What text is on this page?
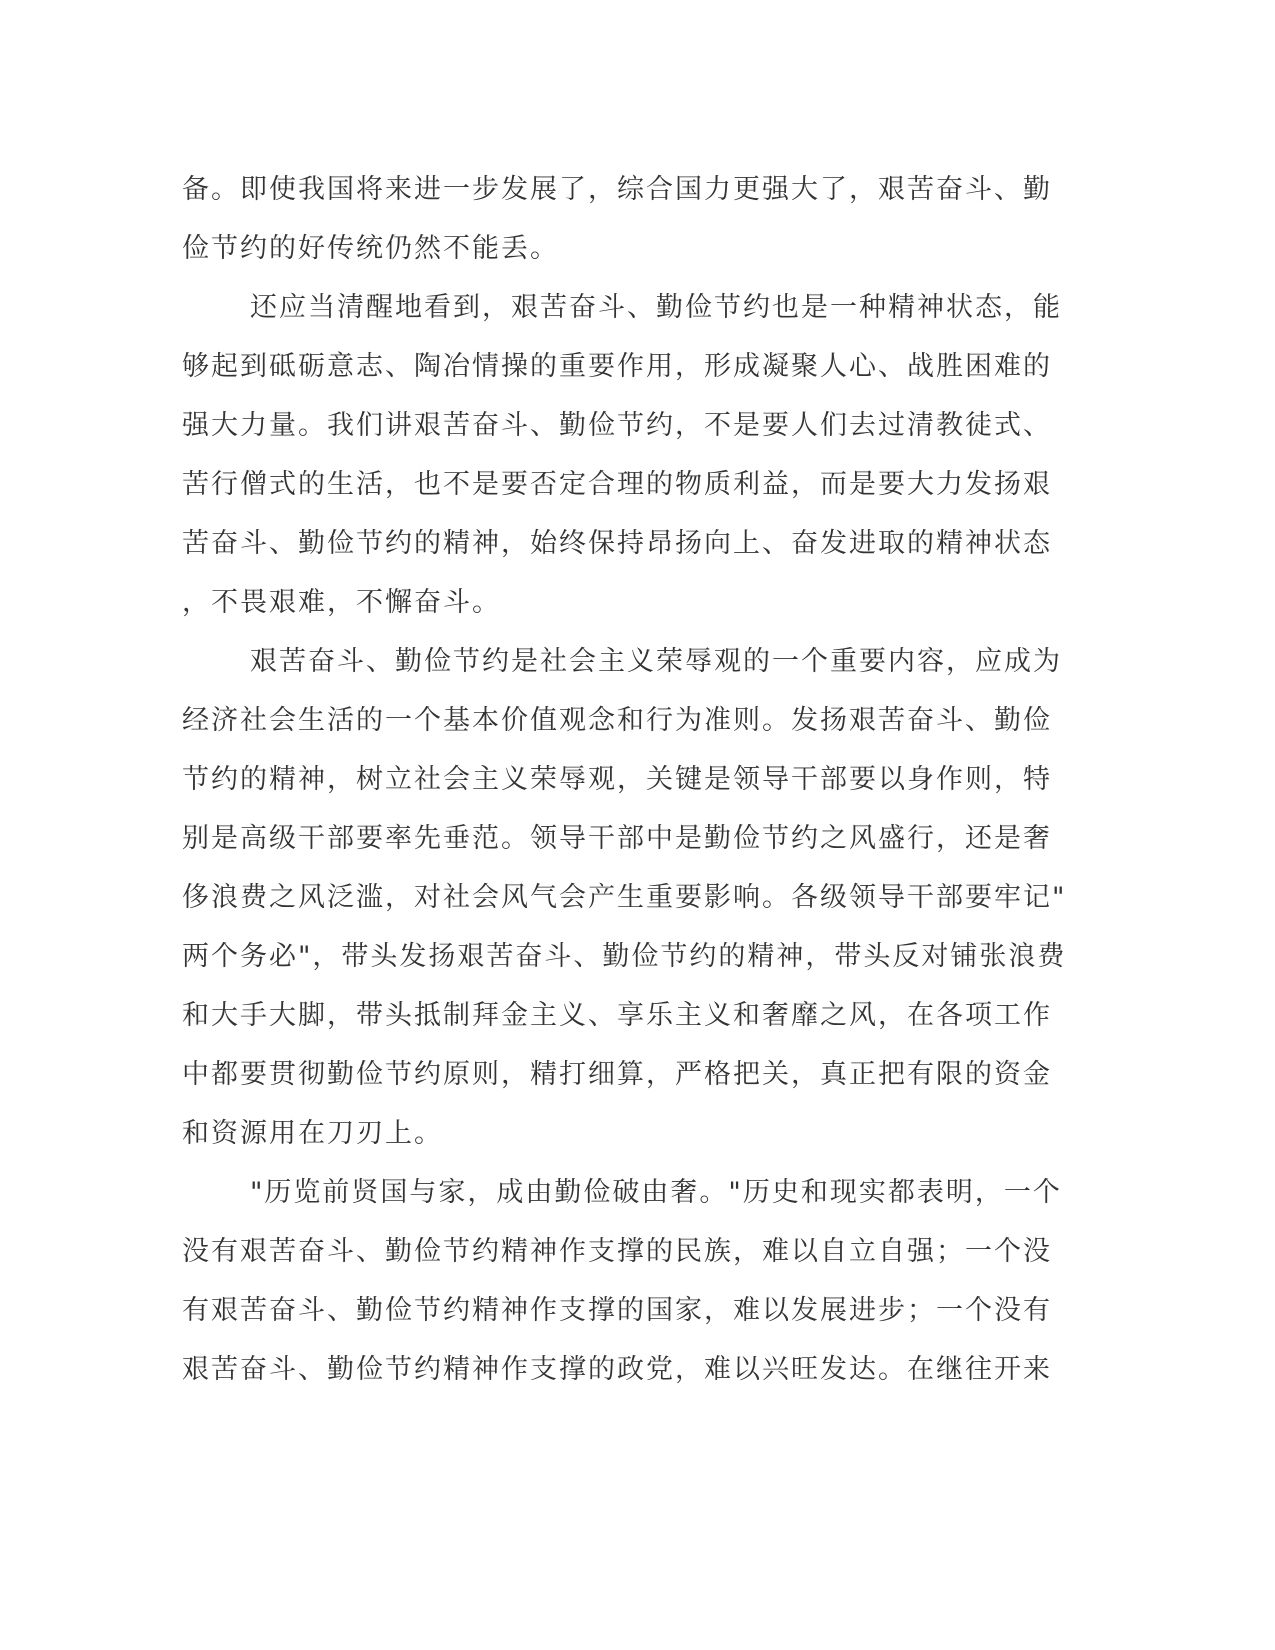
备。即使我国将来进一步发展了，综合国力更强大了，艰苦奋斗、勤
俭节约的好传统仍然不能丢。
还应当清醒地看到，艰苦奋斗、勤俭节约也是一种精神状态，能
够起到砥砺意志、陶冶情操的重要作用，形成凝聚人心、战胜困难的
强大力量。我们讲艰苦奋斗、勤俭节约，不是要人们去过清教徒式、
苦行僧式的生活，也不是要否定合理的物质利益，而是要大力发扬艰
苦奋斗、勤俭节约的精神，始终保持昂扬向上、奋发进取的精神状态
，不畏艰难，不懈奋斗。
艰苦奋斗、勤俭节约是社会主义荣辱观的一个重要内容，应成为
经济社会生活的一个基本价值观念和行为准则。发扬艰苦奋斗、勤俭
节约的精神，树立社会主义荣辱观，关键是领导干部要以身作则，特
别是高级干部要率先垂范。领导干部中是勤俭节约之风盛行，还是奢
侈浪费之风泛滥，对社会风气会产生重要影响。各级领导干部要牢记"
两个务必"，带头发扬艰苦奋斗、勤俭节约的精神，带头反对铺张浪费
和大手大脚，带头抵制拜金主义、享乐主义和奢靡之风，在各项工作
中都要贯彻勤俭节约原则，精打细算，严格把关，真正把有限的资金
和资源用在刀刃上。
"历览前贤国与家，成由勤俭破由奢。"历史和现实都表明，一个
没有艰苦奋斗、勤俭节约精神作支撑的民族，难以自立自强；一个没
有艰苦奋斗、勤俭节约精神作支撑的国家，难以发展进步；一个没有
艰苦奋斗、勤俭节约精神作支撑的政党，难以兴旺发达。在继往开来
